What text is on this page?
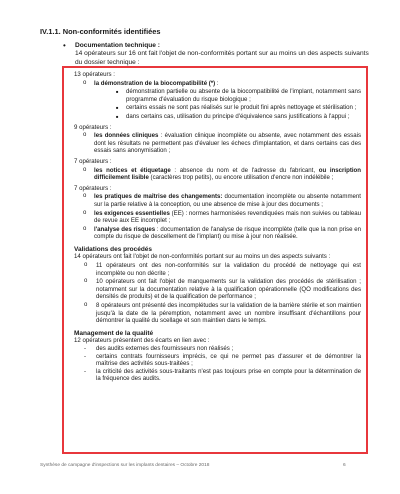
IV.1.1. Non-conformités identifiées
• Documentation technique :
14 opérateurs sur 16 ont fait l'objet de non-conformités portant sur au moins un des aspects suivants du dossier technique :

13 opérateurs :

o la démonstration de la biocompatibilité (*) :
■ démonstration partielle ou absente de la biocompatibilité de l'implant, notamment sans programme d'évaluation du risque biologique ;
■ certains essais ne sont pas réalisés sur le produit fini après nettoyage et stérilisation ;
■ dans certains cas, utilisation du principe d'équivalence sans justifications à l'appui ;

9 opérateurs :

o les données cliniques : évaluation clinique incomplète ou absente, avec notamment des essais dont les résultats ne permettent pas d'évaluer les échecs d'implantation, et dans certains cas des essais sans anonymisation ;

7 opérateurs :

o les notices et étiquetage : absence du nom et de l'adresse du fabricant, ou inscription difficilement lisible (caractères trop petits), ou encore utilisation d'encre non indélébile ;

7 opérateurs :

o les pratiques de maîtrise des changements: documentation incomplète ou absente notamment sur la partie relative à la conception, ou une absence de mise à jour des documents ;
o les exigences essentielles (EE) : normes harmonisées revendiquées mais non suivies ou tableau de revue aux EE incomplet ;
o l'analyse des risques : documentation de l'analyse de risque incomplète (telle que la non prise en compte du risque de descellement de l'implant) ou mise à jour non réalisée.
Validations des procédés

14 opérateurs ont fait l'objet de non-conformités portant sur au moins un des aspects suivants :

o 11 opérateurs ont des non-conformités sur la validation du procédé de nettoyage qui est incomplète ou non décrite ;
o 10 opérateurs ont fait l'objet de manquements sur la validation des procédés de stérilisation ; notamment sur la documentation relative à la qualification opérationnelle (QO modifications des densités de produits) et de la qualification de performance ;
o 8 opérateurs ont présenté des incomplétudes sur la validation de la barrière stérile et son maintien jusqu'à la date de la péremption, notamment avec un nombre insuffisant d'échantillons pour démontrer la qualité du scellage et son maintien dans le temps.
Management de la qualité

12 opérateurs présentent des écarts en lien avec :

- des audits externes des fournisseurs non réalisés ;
- certains contrats fournisseurs imprécis, ce qui ne permet pas d'assurer et de démontrer la maîtrise des activités sous-traitées ;
- la criticité des activités sous-traitants n'est pas toujours prise en compte pour la détermination de la fréquence des audits.
Synthèse de campagne d'inspections sur les implants dentaires – Octobre 2018	6
